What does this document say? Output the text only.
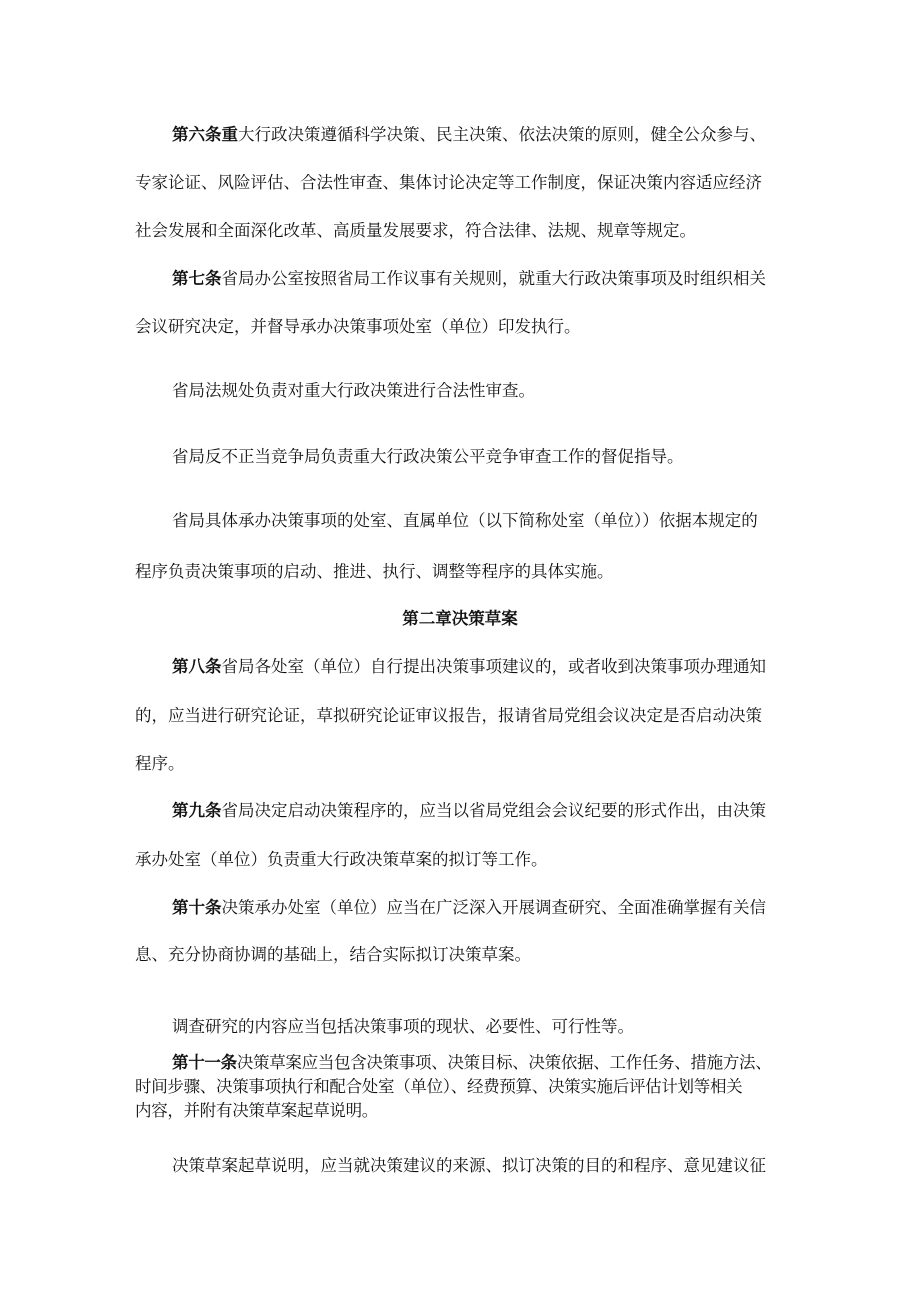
第六条重大行政决策遵循科学决策、民主决策、依法决策的原则，健全公众参与、
专家论证、风险评估、合法性审查、集体讨论决定等工作制度，保证决策内容适应经济
社会发展和全面深化改革、高质量发展要求，符合法律、法规、规章等规定。
第七条省局办公室按照省局工作议事有关规则，就重大行政决策事项及时组织相关
会议研究决定，并督导承办决策事项处室（单位）印发执行。
省局法规处负责对重大行政决策进行合法性审查。
省局反不正当竞争局负责重大行政决策公平竞争审查工作的督促指导。
省局具体承办决策事项的处室、直属单位（以下简称处室（单位））依据本规定的
程序负责决策事项的启动、推进、执行、调整等程序的具体实施。
第二章决策草案
第八条省局各处室（单位）自行提出决策事项建议的，或者收到决策事项办理通知
的，应当进行研究论证，草拟研究论证审议报告，报请省局党组会议决定是否启动决策
程序。
第九条省局决定启动决策程序的，应当以省局党组会会议纪要的形式作出，由决策
承办处室（单位）负责重大行政决策草案的拟订等工作。
第十条决策承办处室（单位）应当在广泛深入开展调查研究、全面准确掌握有关信
息、充分协商协调的基础上，结合实际拟订决策草案。
调查研究的内容应当包括决策事项的现状、必要性、可行性等。
第十一条决策草案应当包含决策事项、决策目标、决策依据、工作任务、措施方法、
时间步骤、决策事项执行和配合处室（单位）、经费预算、决策实施后评估计划等相关
内容，并附有决策草案起草说明。
决策草案起草说明，应当就决策建议的来源、拟订决策的目的和程序、意见建议征
